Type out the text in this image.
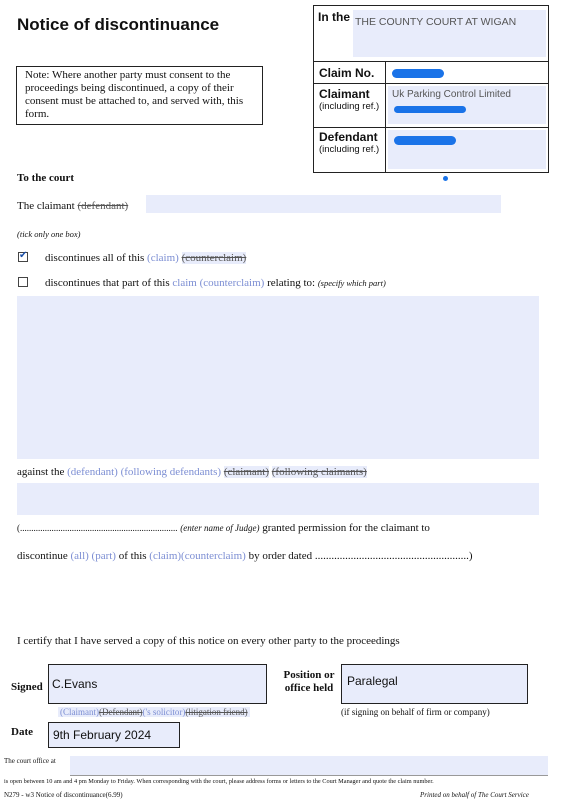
Notice of discontinuance
Note: Where another party must consent to the proceedings being discontinued, a copy of their consent must be attached to, and served with, this form.
In the THE COUNTY COURT AT WIGAN
Claim No.
Claimant
(including ref.)
Uk Parking Control Limited
Defendant
(including ref.)
To the court
The claimant (defendant)
(tick only one box)
✔ discontinues all of this (claim) (counterclaim)
discontinues that part of this claim (counterclaim) relating to: (specify which part)
against the (defendant) (following defendants) (claimant) (following claimants)
(...................................................................... (enter name of Judge) granted permission for the claimant to
discontinue (all) (part) of this (claim)(counterclaim) by order dated ........................................................)
I certify that I have served a copy of this notice on every other party to the proceedings
Signed C.Evans
Position or office held	Paralegal
(Claimant)(Defendant)('s solicitor)(litigation friend)	(if signing on behalf of firm or company)
Date	9th February 2024
The court office at
is open between 10 am and 4 pm Monday to Friday. When corresponding with the court, please address forms or letters to the Court Manager and quote the claim number.
N279 - w3 Notice of discontinuance(6.99)	Printed on behalf of The Court Service
